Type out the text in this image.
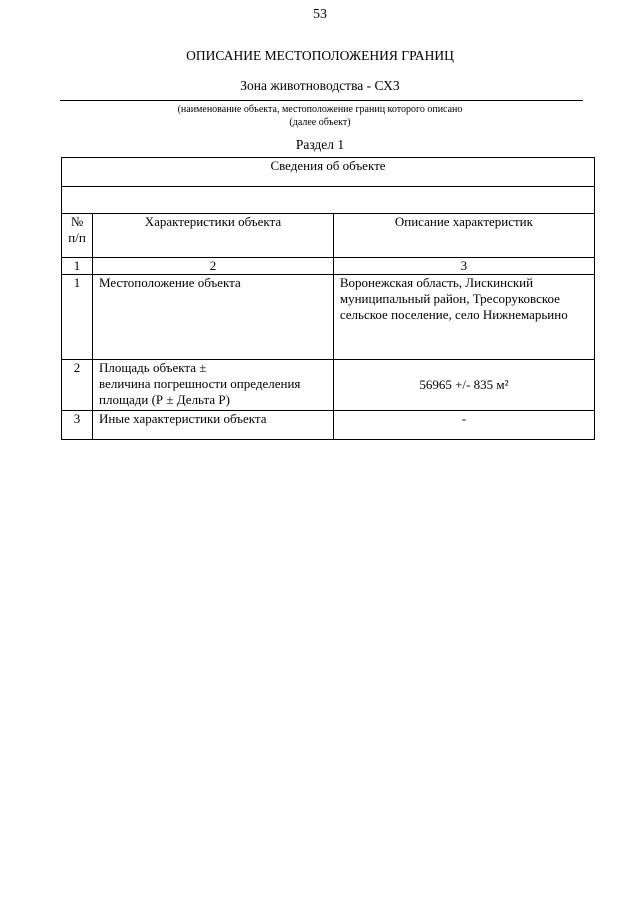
53
ОПИСАНИЕ МЕСТОПОЛОЖЕНИЯ ГРАНИЦ
Зона животноводства - СХ3
(наименование объекта, местоположение границ которого описано
(далее объект)
Раздел 1
Сведения об объекте		

№
п/п	Характеристики объекта	Описание характеристик
1	2	3
1	Местоположение объекта	Воронежская область, Лискинский
муниципальный район, Тресоруковское
сельское поселение, село Нижнемарьино

2	Площадь объекта ±
величина погрешности определения
площади (Р ± Дельта Р)	56965 +/- 835 м²
3	Иные характеристики объекта	-
